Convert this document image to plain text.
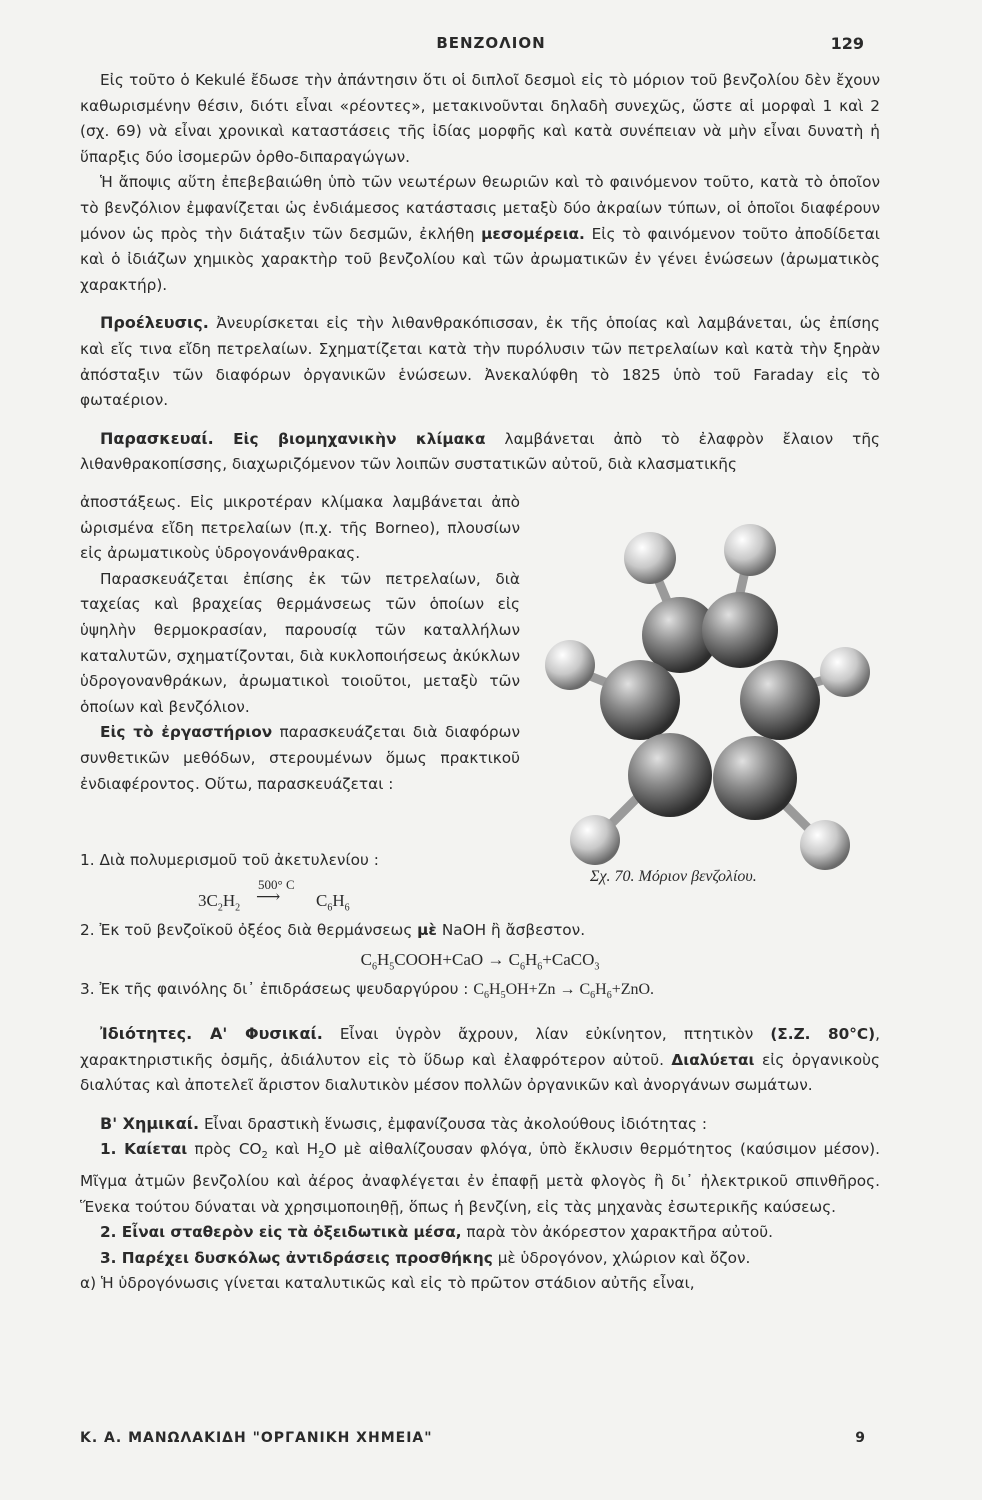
ΒΕΝΖΟΛΙΟΝ	129

Εἰς τοῦτο ὁ Kekulé ἔδωσε τὴν ἀπάντησιν ὅτι οἱ διπλοῖ δεσμοὶ εἰς τὸ μόριον τοῦ βενζολίου δὲν ἔχουν καθωρισμένην θέσιν, διότι εἶναι «ρέοντες», μετακινοῦνται δηλαδὴ συνεχῶς, ὥστε αἱ μορφαὶ 1 καὶ 2 (σχ. 69) νὰ εἶναι χρονικαὶ καταστάσεις τῆς ἰδίας μορφῆς καὶ κατὰ συνέπειαν νὰ μὴν εἶναι δυνατὴ ἡ ὕπαρξις δύο ἰσομερῶν ὀρθο-διπαραγώγων.

Ἡ ἄποψις αὕτη ἐπεβεβαιώθη ὑπὸ τῶν νεωτέρων θεωριῶν καὶ τὸ φαινόμενον τοῦτο, κατὰ τὸ ὁποῖον τὸ βενζόλιον ἐμφανίζεται ὡς ἐνδιάμεσος κατάστασις μεταξὺ δύο ἀκραίων τύπων, οἱ ὁποῖοι διαφέρουν μόνον ὡς πρὸς τὴν διάταξιν τῶν δεσμῶν, ἐκλήθη μεσομέρεια. Εἰς τὸ φαινόμενον τοῦτο ἀποδίδεται καὶ ὁ ἰδιάζων χημικὸς χαρακτὴρ τοῦ βενζολίου καὶ τῶν ἀρωματικῶν ἐν γένει ἑνώσεων (ἀρωματικὸς χαρακτήρ).

Προέλευσις. Ἀνευρίσκεται εἰς τὴν λιθανθρακόπισσαν, ἐκ τῆς ὁποίας καὶ λαμβάνεται, ὡς ἐπίσης καὶ εἴς τινα εἴδη πετρελαίων. Σχηματίζεται κατὰ τὴν πυρόλυσιν τῶν πετρελαίων καὶ κατὰ τὴν ξηρὰν ἀπόσταξιν τῶν διαφόρων ὀργανικῶν ἑνώσεων. Ἀνεκαλύφθη τὸ 1825 ὑπὸ τοῦ Faraday εἰς τὸ φωταέριον.

Παρασκευαί. Εἰς βιομηχανικὴν κλίμακα λαμβάνεται ἀπὸ τὸ ἐλαφρὸν ἔλαιον τῆς λιθανθρακοπίσσης, διαχωριζόμενον τῶν λοιπῶν συστατικῶν αὐτοῦ, διὰ κλασματικῆς

ἀποστάξεως. Εἰς μικροτέραν κλίμακα λαμβάνεται ἀπὸ ὡρισμένα εἴδη πετρελαίων (π.χ. τῆς Borneo), πλουσίων εἰς ἀρωματικοὺς ὑδρογονάνθρακας.

Παρασκευάζεται ἐπίσης ἐκ τῶν πετρελαίων, διὰ ταχείας καὶ βραχείας θερμάνσεως τῶν ὁποίων εἰς ὑψηλὴν θερμοκρασίαν, παρουσίᾳ τῶν καταλλήλων καταλυτῶν, σχηματίζονται, διὰ κυκλοποιήσεως ἀκύκλων ὑδρογονανθράκων, ἀρωματικοὶ τοιοῦτοι, μεταξὺ τῶν ὁποίων καὶ βενζόλιον.

Εἰς τὸ ἐργαστήριον παρασκευάζεται διὰ διαφόρων συνθετικῶν μεθόδων, στερουμένων ὅμως πρακτικοῦ ἐνδιαφέροντος. Οὕτω, παρασκευάζεται :

Σχ. 70. Μόριον βενζολίου.

1. Διὰ πολυμερισμοῦ τοῦ ἀκετυλενίου :

$3C_2H_2$
500° C
⟶ $C_6H_6$

2. Ἐκ τοῦ βενζοϊκοῦ ὀξέος διὰ θερμάνσεως μὲ NaOH ἢ ἄσβεστον.

$C_6H_5COOH+CaO$ → $C_6H_6+CaCO_3$

3. Ἐκ τῆς φαινόλης δι᾽ ἐπιδράσεως ψευδαργύρου : $C_6H_5OH+Zn \to C_6H_6+ZnO$.

Ἰδιότητες. Α' Φυσικαί. Εἶναι ὑγρὸν ἄχρουν, λίαν εὐκίνητον, πτητικὸν (Σ.Ζ. 80°C), χαρακτηριστικῆς ὀσμῆς, ἀδιάλυτον εἰς τὸ ὕδωρ καὶ ἐλαφρότερον αὐτοῦ. Διαλύεται εἰς ὀργανικοὺς διαλύτας καὶ ἀποτελεῖ ἄριστον διαλυτικὸν μέσον πολλῶν ὀργανικῶν καὶ ἀνοργάνων σωμάτων.

Β' Χημικαί. Εἶναι δραστικὴ ἕνωσις, ἐμφανίζουσα τὰς ἀκολούθους ἰδιότητας :

1. Καίεται πρὸς $CO_2$ καὶ $H_2O$ μὲ αἰθαλίζουσαν φλόγα, ὑπὸ ἔκλυσιν θερμότητος (καύσιμον μέσον). Μῖγμα ἀτμῶν βενζολίου καὶ ἀέρος ἀναφλέγεται ἐν ἐπαφῇ μετὰ φλογὸς ἢ δι᾽ ἠλεκτρικοῦ σπινθῆρος. Ἕνεκα τούτου δύναται νὰ χρησιμοποιηθῇ, ὅπως ἡ βενζίνη, εἰς τὰς μηχανὰς ἐσωτερικῆς καύσεως.

2. Εἶναι σταθερὸν εἰς τὰ ὀξειδωτικὰ μέσα, παρὰ τὸν ἀκόρεστον χαρακτῆρα αὐτοῦ.

3. Παρέχει δυσκόλως ἀντιδράσεις προσθήκης μὲ ὑδρογόνον, χλώριον καὶ ὄζον.

α) Ἡ ὑδρογόνωσις γίνεται καταλυτικῶς καὶ εἰς τὸ πρῶτον στάδιον αὐτῆς εἶναι,

Κ. Α. ΜΑΝΩΛΑΚΙΔΗ "ΟΡΓΑΝΙΚΗ ΧΗΜΕΙΑ"	9
